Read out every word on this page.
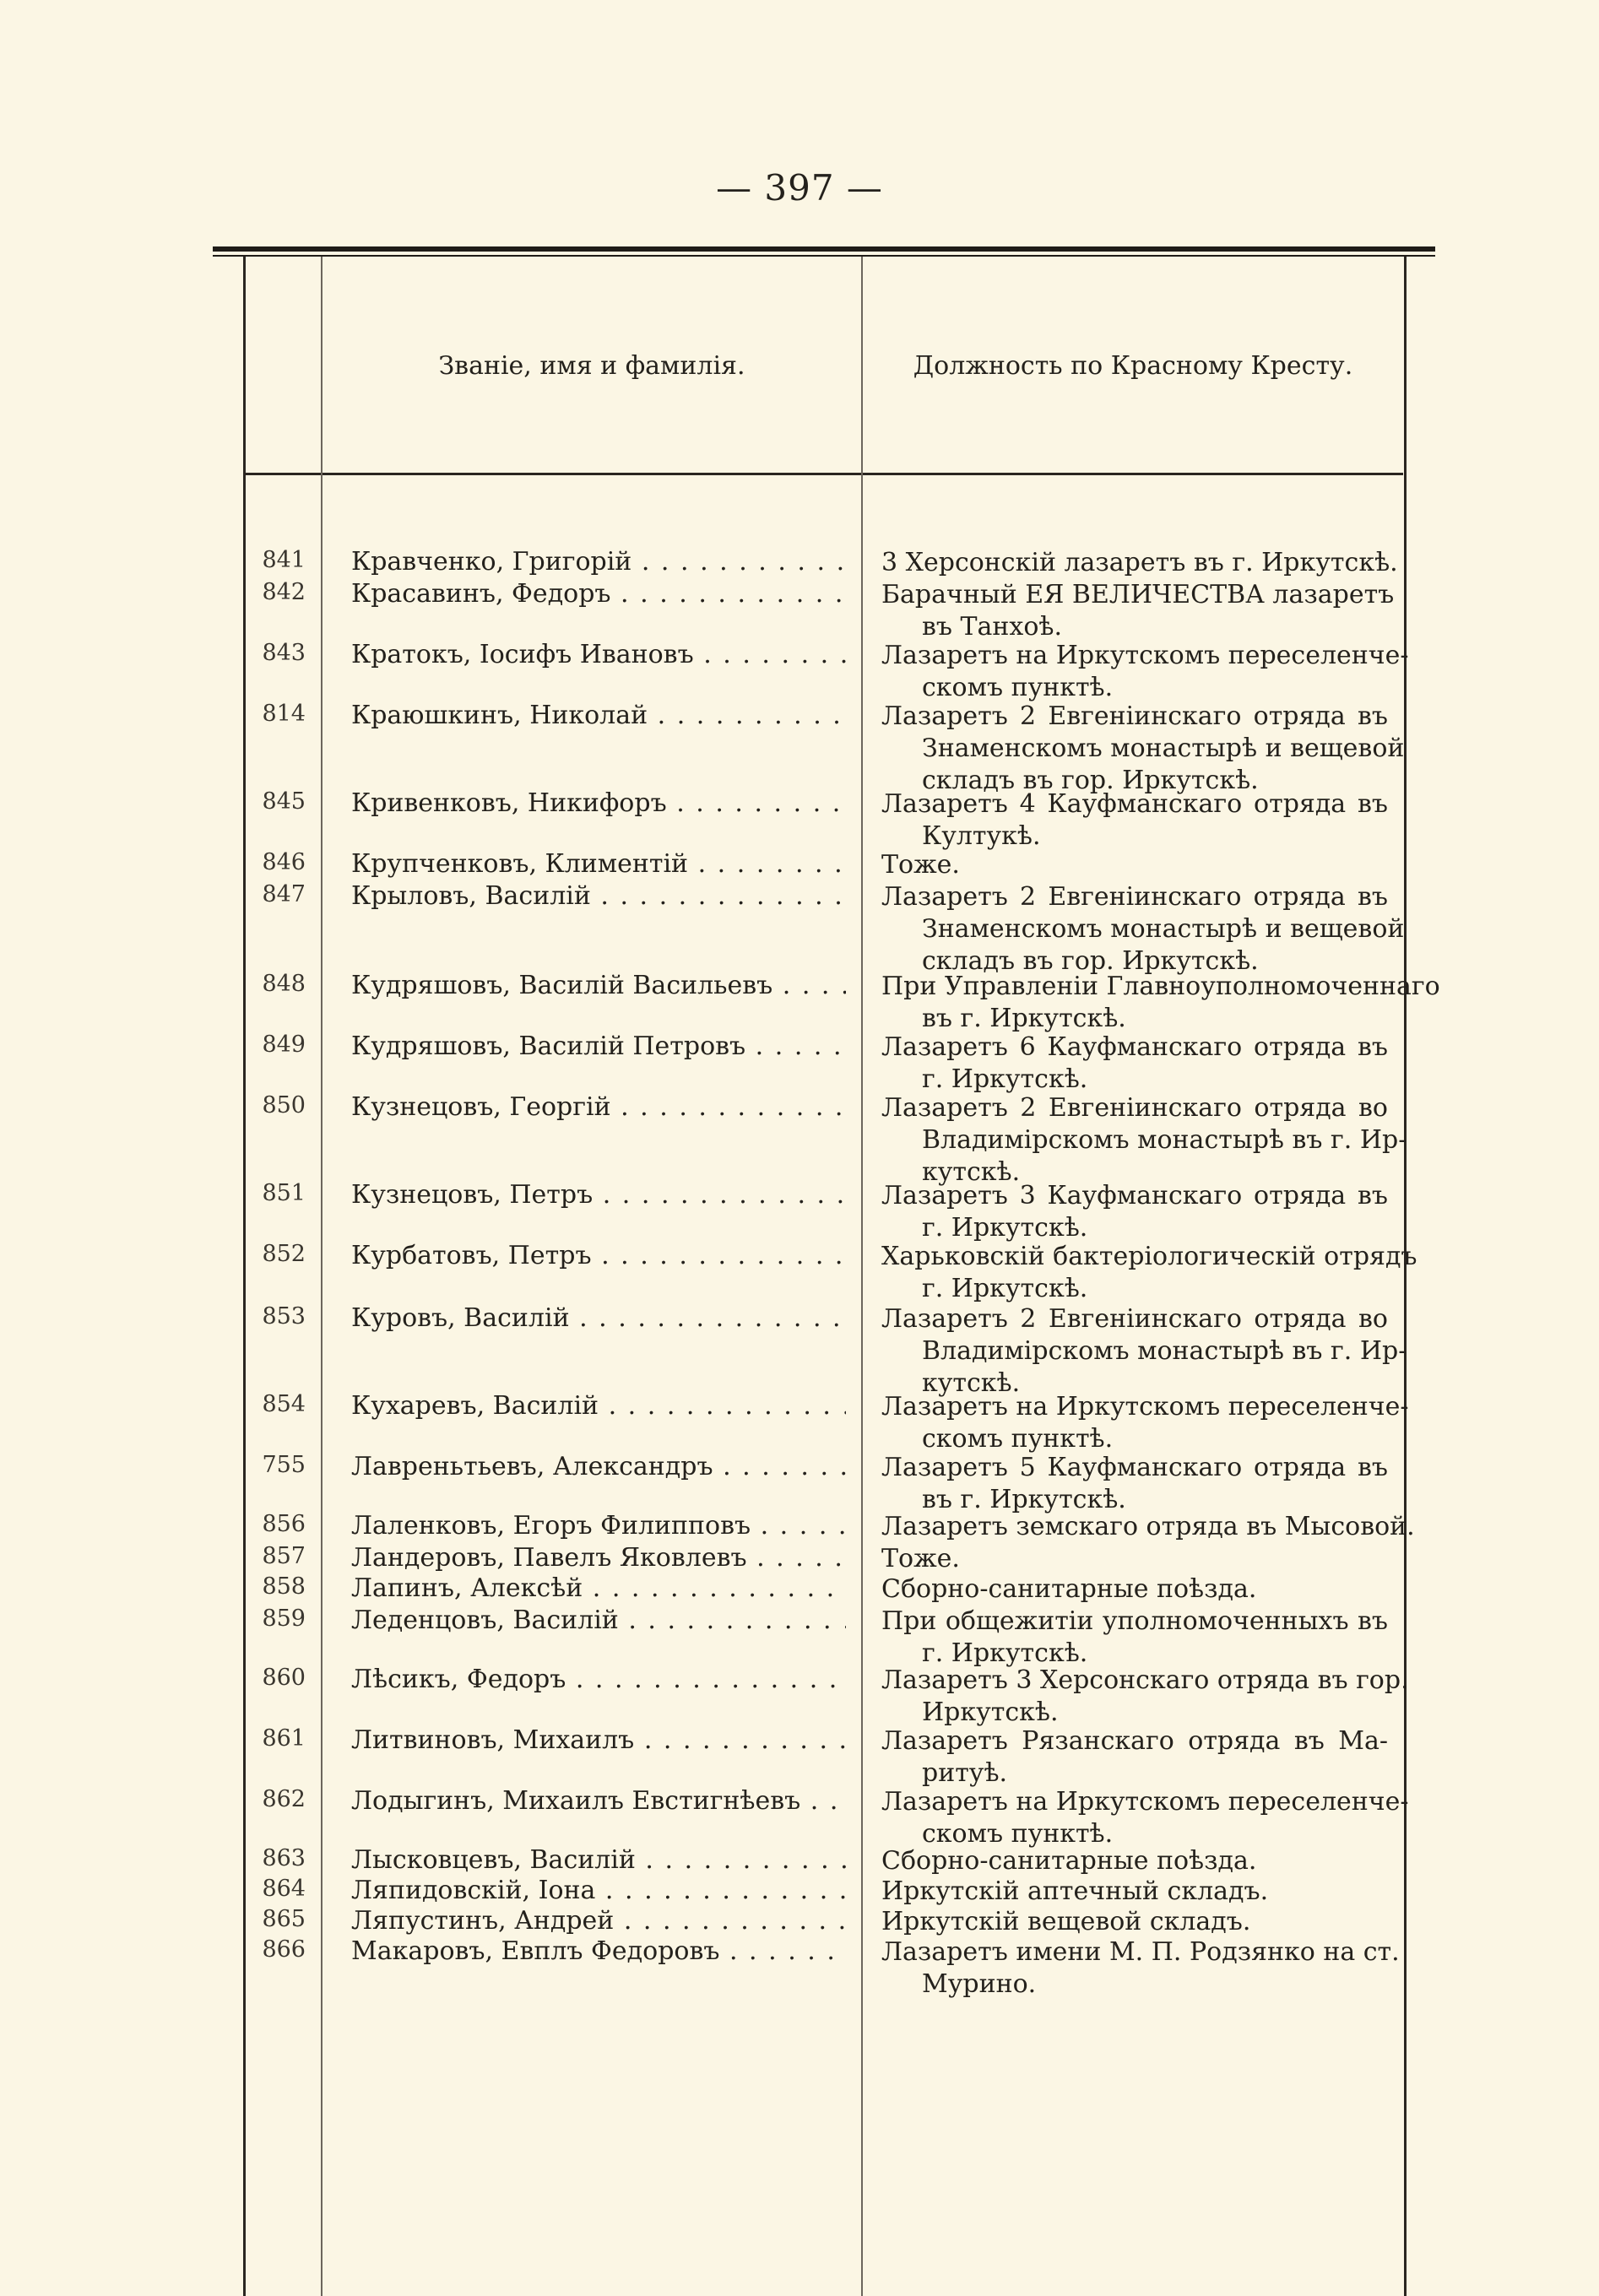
— 397 —
Званіе, имя и фамилія.	Должность по Красному Кресту.
841 Кравченко, Григорій . . .	3 Херсонскій лазаретъ въ г. Иркутскѣ.
842 Красавинъ, Федоръ . . .	Барачный ЕЯ ВЕЛИЧЕСТВА лазаретъ
въ Танхоѣ.
843 Кратокъ, Іосифъ Ивановъ . . .	Лазаретъ на Иркутскомъ переселенче-
скомъ пунктѣ.
814 Краюшкинъ, Николай . . .	Лазаретъ 2 Евгеніинскаго отряда въ
Знаменскомъ монастырѣ и вещевой
складъ въ гор. Иркутскѣ.
845 Кривенковъ, Никифоръ . . .	Лазаретъ 4 Кауфманскаго отряда въ
Култукѣ.
846 Крупченковъ, Климентій . . .	Тоже.
847 Крыловъ, Василій . . .	Лазаретъ 2 Евгеніинскаго отряда въ
Знаменскомъ монастырѣ и вещевой
складъ въ гор. Иркутскѣ.
848 Кудряшовъ, Василій Васильевъ . . .	При Управленіи Главноуполномоченнаго
въ г. Иркутскѣ.
849 Кудряшовъ, Василій Петровъ . . .	Лазаретъ 6 Кауфманскаго отряда въ
г. Иркутскѣ.
850 Кузнецовъ, Георгій . . .	Лазаретъ 2 Евгеніинскаго отряда во
Владимірскомъ монастырѣ въ г. Ир-
кутскѣ.
851 Кузнецовъ, Петръ . . .	Лазаретъ 3 Кауфманскаго отряда въ
г. Иркутскѣ.
852 Курбатовъ, Петръ . . .	Харьковскій бактеріологическій отрядъ
г. Иркутскѣ.
853 Куровъ, Василій . . .	Лазаретъ 2 Евгеніинскаго отряда во
Владимірскомъ монастырѣ въ г. Ир-
кутскѣ.
854 Кухаревъ, Василій . . .	Лазаретъ на Иркутскомъ переселенче-
скомъ пунктѣ.
755 Лавреньтьевъ, Александръ . . .	Лазаретъ 5 Кауфманскаго отряда въ
въ г. Иркутскѣ.
856 Лаленковъ, Егоръ Филипповъ . . .	Лазаретъ земскаго отряда въ Мысовой.
857 Ландеровъ, Павелъ Яковлевъ . . .	Тоже.
858 Лапинъ, Алексѣй . . .	Сборно-санитарные поѣзда.
859 Леденцовъ, Василій . . .	При общежитіи уполномоченныхъ въ
г. Иркутскѣ.
860 Лѣсикъ, Федоръ . . .	Лазаретъ 3 Херсонскаго отряда въ гор.
Иркутскѣ.
861 Литвиновъ, Михаилъ . . .	Лазаретъ Рязанскаго отряда въ Ма-
ритуѣ.
862 Лодыгинъ, Михаилъ Евстигнѣевъ . . .	Лазаретъ на Иркутскомъ переселенче-
скомъ пунктѣ.
863 Лысковцевъ, Василій . . .	Сборно-санитарные поѣзда.
864 Ляпидовскій, Іона . . .	Иркутскій аптечный складъ.
865 Ляпустинъ, Андрей . . .	Иркутскій вещевой складъ.
866 Макаровъ, Евплъ Федоровъ . . .	Лазаретъ имени М. П. Родзянко на ст.
Мурино.
